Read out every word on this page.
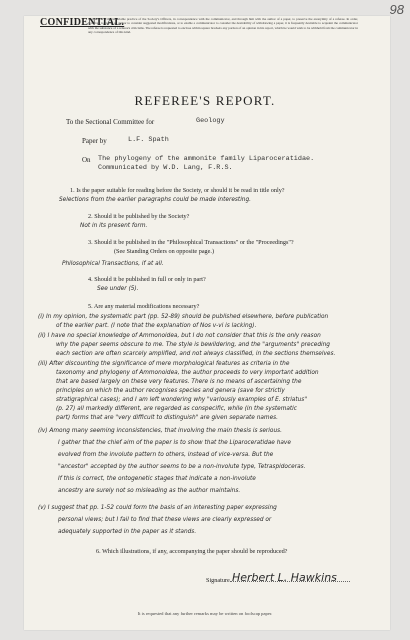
98
CONFIDENTIAL.
Notice.—It is the invariable practice of the Society's Officers, in correspondence with the communicator, and through him with the author of a paper, to preserve the anonymity of a referee. In order, however, to enable an author to consider suggested modifications, or to enable a communicator to consider the desirability of withdrawing a paper, it is frequently desirable to acquaint the communicator with the substance of a referee's criticisms. The referee is requested to enclose within square brackets any portion of an opinion in his report, which he would wish to be withheld from the communicator in any correspondence of this kind.
REFEREE'S REPORT.
To the Sectional Committee for	Geology
Paper by	L.F. Spath
On The phylogeny of the ammonite family Liparoceratidae.
Communicated by W.D. Lang, F.R.S.
1. Is the paper suitable for reading before the Society, or should it be read in title only?
Selections from the earlier paragraphs could be made interesting.
2. Should it be published by the Society?
Not in its present form.
3. Should it be published in the "Philosophical Transactions" or the "Proceedings"?
(See Standing Orders on opposite page.)
Philosophical Transactions, if at all.
4. Should it be published in full or only in part?
See under (5).
5. Are any material modifications necessary?
(i) In my opinion, the systematic part (pp. 52-89) should be published elsewhere, before publication
of the earlier part. (I note that the explanation of Nos v-vi is lacking).
(ii) I have no special knowledge of Ammonoidea, but I do not consider that this is the only reason
why the paper seems obscure to me. The style is bewildering, and the "arguments" preceding
each section are often scarcely amplified, and not always classified, in the sections themselves.
(iii) After discounting the significance of mere morphological features as criteria in the
taxonomy and phylogeny of Ammonoidea, the author proceeds to very important addition
that are based largely on these very features. There is no means of ascertaining the
principles on which the author recognises species and genera (save for strictly
stratigraphical cases); and I am left wondering why "variously examples of E. striatus"
(p. 27) all markedly different, are regarded as conspecific, while (in the systematic
part) forms that are "very difficult to distinguish" are given separate names.
(iv) Among many seeming inconsistencies, that involving the main thesis is serious.
I gather that the chief aim of the paper is to show that the Liparoceratidae have
evolved from the involute pattern to others, instead of vice-versa. But the
"ancestor" accepted by the author seems to be a non-involute type, Tetraspidoceras.
If this is correct, the ontogenetic stages that indicate a non-involute
ancestry are surely not so misleading as the author maintains.
(v) I suggest that pp. 1-52 could form the basis of an interesting paper expressing
personal views; but I fail to find that these views are clearly expressed or
adequately supported in the paper as it stands.
6. Which illustrations, if any, accompanying the paper should be reproduced?
Signature Herbert L. Hawkins
It is requested that any further remarks may be written on foolscap paper.
